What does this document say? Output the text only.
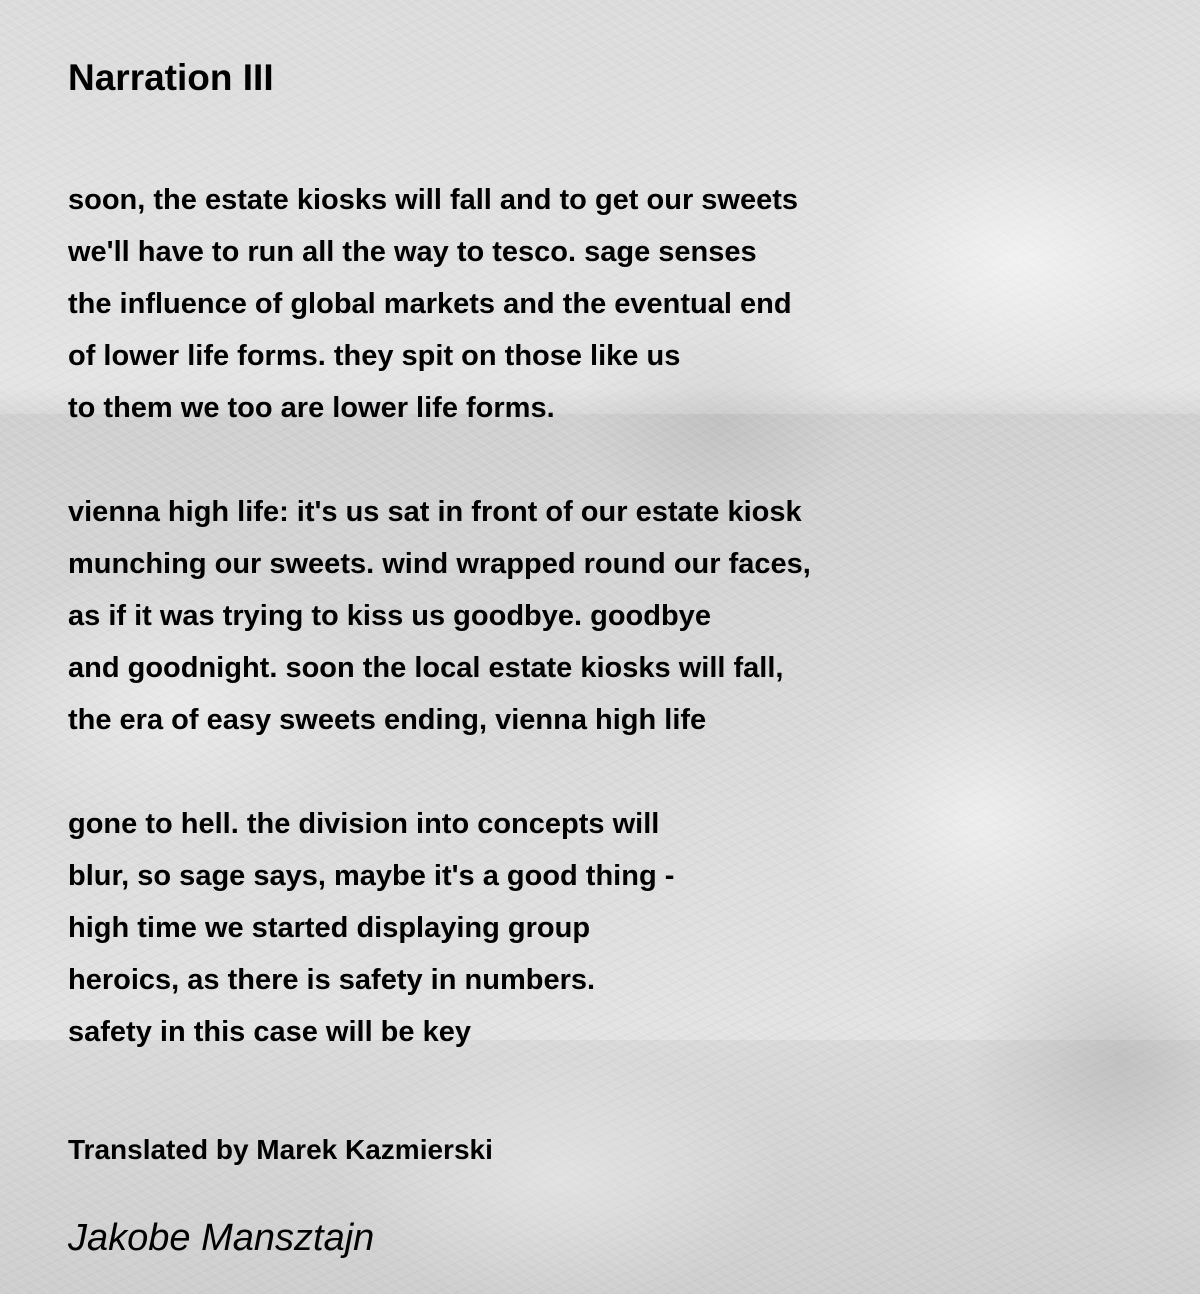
Narration III
soon, the estate kiosks will fall and to get our sweets
we'll have to run all the way to tesco. sage senses
the influence of global markets and the eventual end
of lower life forms. they spit on those like us
to them we too are lower life forms.
vienna high life: it's us sat in front of our estate kiosk
munching our sweets. wind wrapped round our faces,
as if it was trying to kiss us goodbye. goodbye
and goodnight. soon the local estate kiosks will fall,
the era of easy sweets ending, vienna high life
gone to hell. the division into concepts will
blur, so sage says, maybe it's a good thing -
high time we started displaying group
heroics, as there is safety in numbers.
safety in this case will be key
Translated by Marek Kazmierski
Jakobe Mansztajn
